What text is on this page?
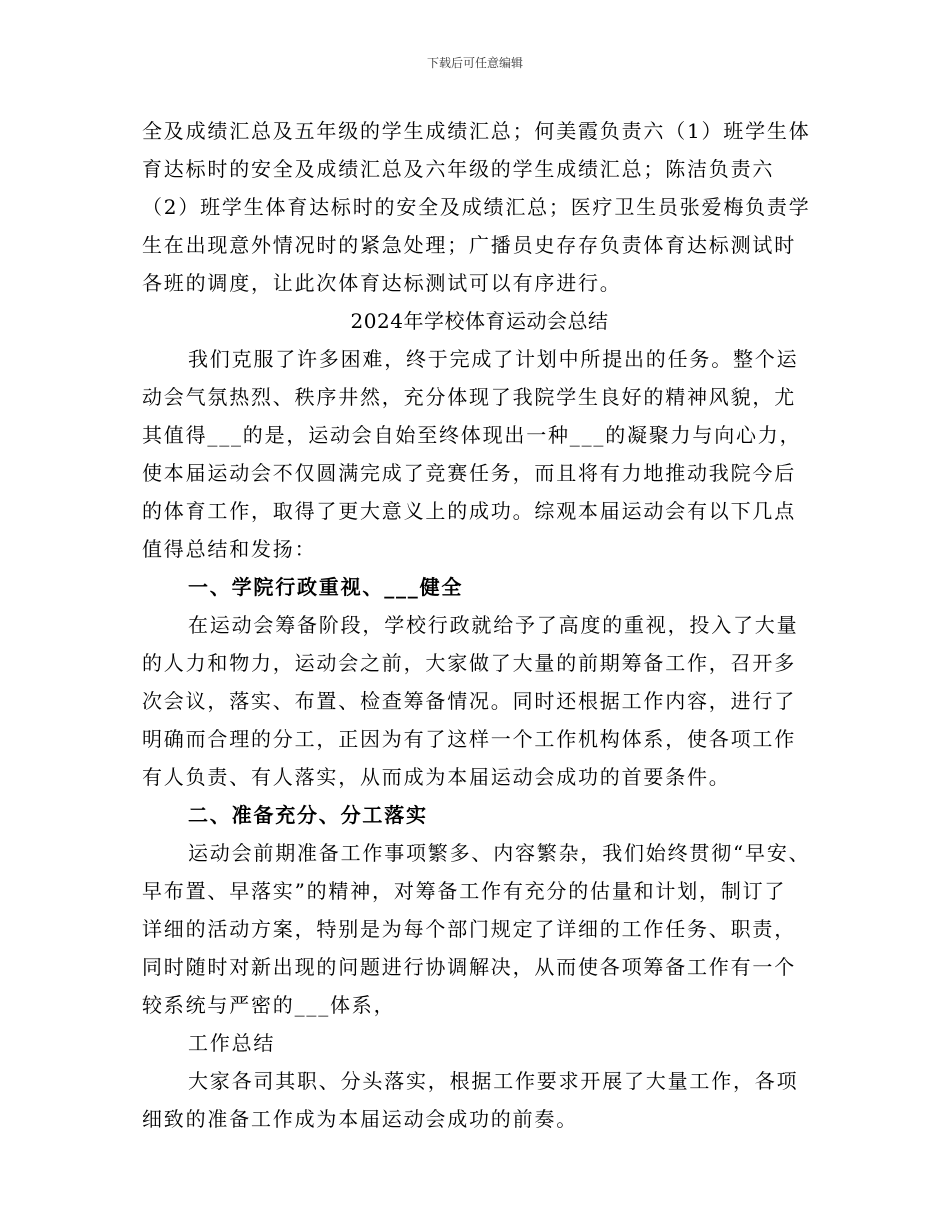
下载后可任意编辑
全及成绩汇总及五年级的学生成绩汇总；何美霞负责六（1）班学生体
育达标时的安全及成绩汇总及六年级的学生成绩汇总；陈洁负责六
（2）班学生体育达标时的安全及成绩汇总；医疗卫生员张爱梅负责学
生在出现意外情况时的紧急处理；广播员史存存负责体育达标测试时
各班的调度，让此次体育达标测试可以有序进行。
2024年学校体育运动会总结
我们克服了许多困难，终于完成了计划中所提出的任务。整个运
动会气氛热烈、秩序井然，充分体现了我院学生良好的精神风貌，尤
其值得___的是，运动会自始至终体现出一种___的凝聚力与向心力，
使本届运动会不仅圆满完成了竞赛任务，而且将有力地推动我院今后
的体育工作，取得了更大意义上的成功。综观本届运动会有以下几点
值得总结和发扬：
一、学院行政重视、___健全
在运动会筹备阶段，学校行政就给予了高度的重视，投入了大量
的人力和物力，运动会之前，大家做了大量的前期筹备工作，召开多
次会议，落实、布置、检查筹备情况。同时还根据工作内容，进行了
明确而合理的分工，正因为有了这样一个工作机构体系，使各项工作
有人负责、有人落实，从而成为本届运动会成功的首要条件。
二、准备充分、分工落实
运动会前期准备工作事项繁多、内容繁杂，我们始终贯彻“早安、
早布置、早落实”的精神，对筹备工作有充分的估量和计划，制订了
详细的活动方案，特别是为每个部门规定了详细的工作任务、职责，
同时随时对新出现的问题进行协调解决，从而使各项筹备工作有一个
较系统与严密的___体系，
工作总结
大家各司其职、分头落实，根据工作要求开展了大量工作，各项
细致的准备工作成为本届运动会成功的前奏。
